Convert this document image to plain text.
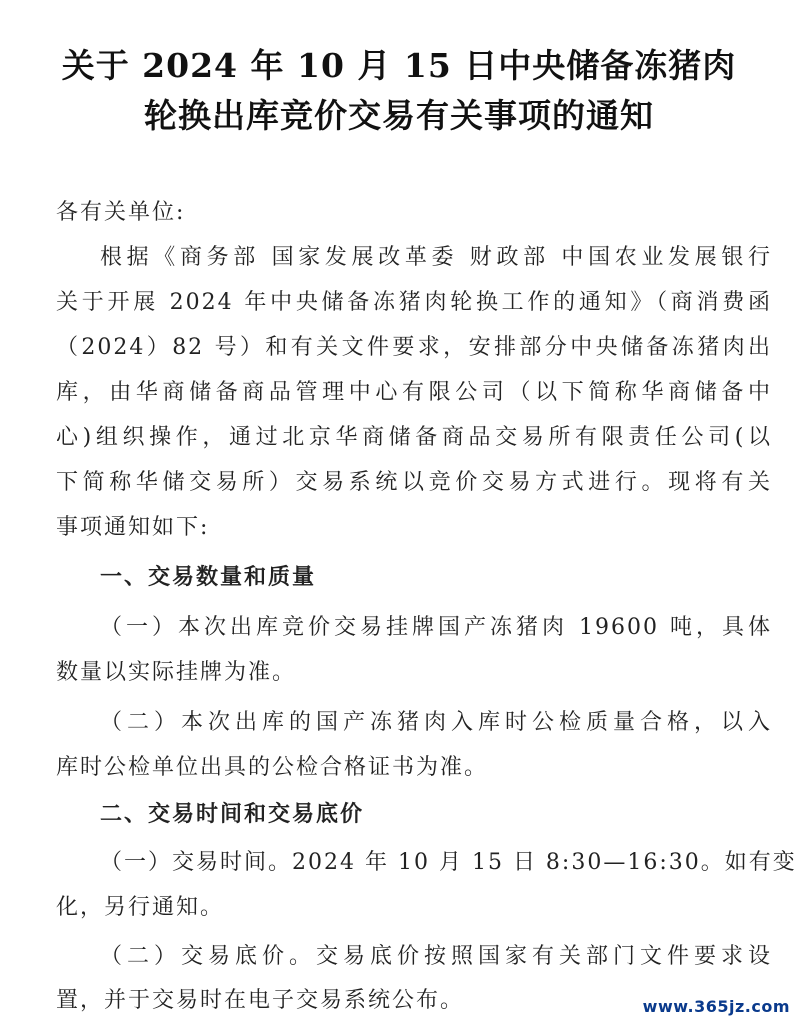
关于 2024 年 10 月 15 日中央储备冻猪肉
轮换出库竞价交易有关事项的通知
各有关单位:
根据《商务部 国家发展改革委 财政部 中国农业发展银行
关于开展 2024 年中央储备冻猪肉轮换工作的通知》（商消费函
（2024）82 号）和有关文件要求，安排部分中央储备冻猪肉出
库，由华商储备商品管理中心有限公司（以下简称华商储备中
心)组织操作，通过北京华商储备商品交易所有限责任公司(以
下简称华储交易所）交易系统以竞价交易方式进行。现将有关
事项通知如下:
一、交易数量和质量
（一）本次出库竞价交易挂牌国产冻猪肉 19600 吨，具体
数量以实际挂牌为准。
（二）本次出库的国产冻猪肉入库时公检质量合格，以入
库时公检单位出具的公检合格证书为准。
二、交易时间和交易底价
（一）交易时间。2024 年 10 月 15 日 8:30—16:30。如有变
化，另行通知。
（二）交易底价。交易底价按照国家有关部门文件要求设
置，并于交易时在电子交易系统公布。	www.365jz.com
